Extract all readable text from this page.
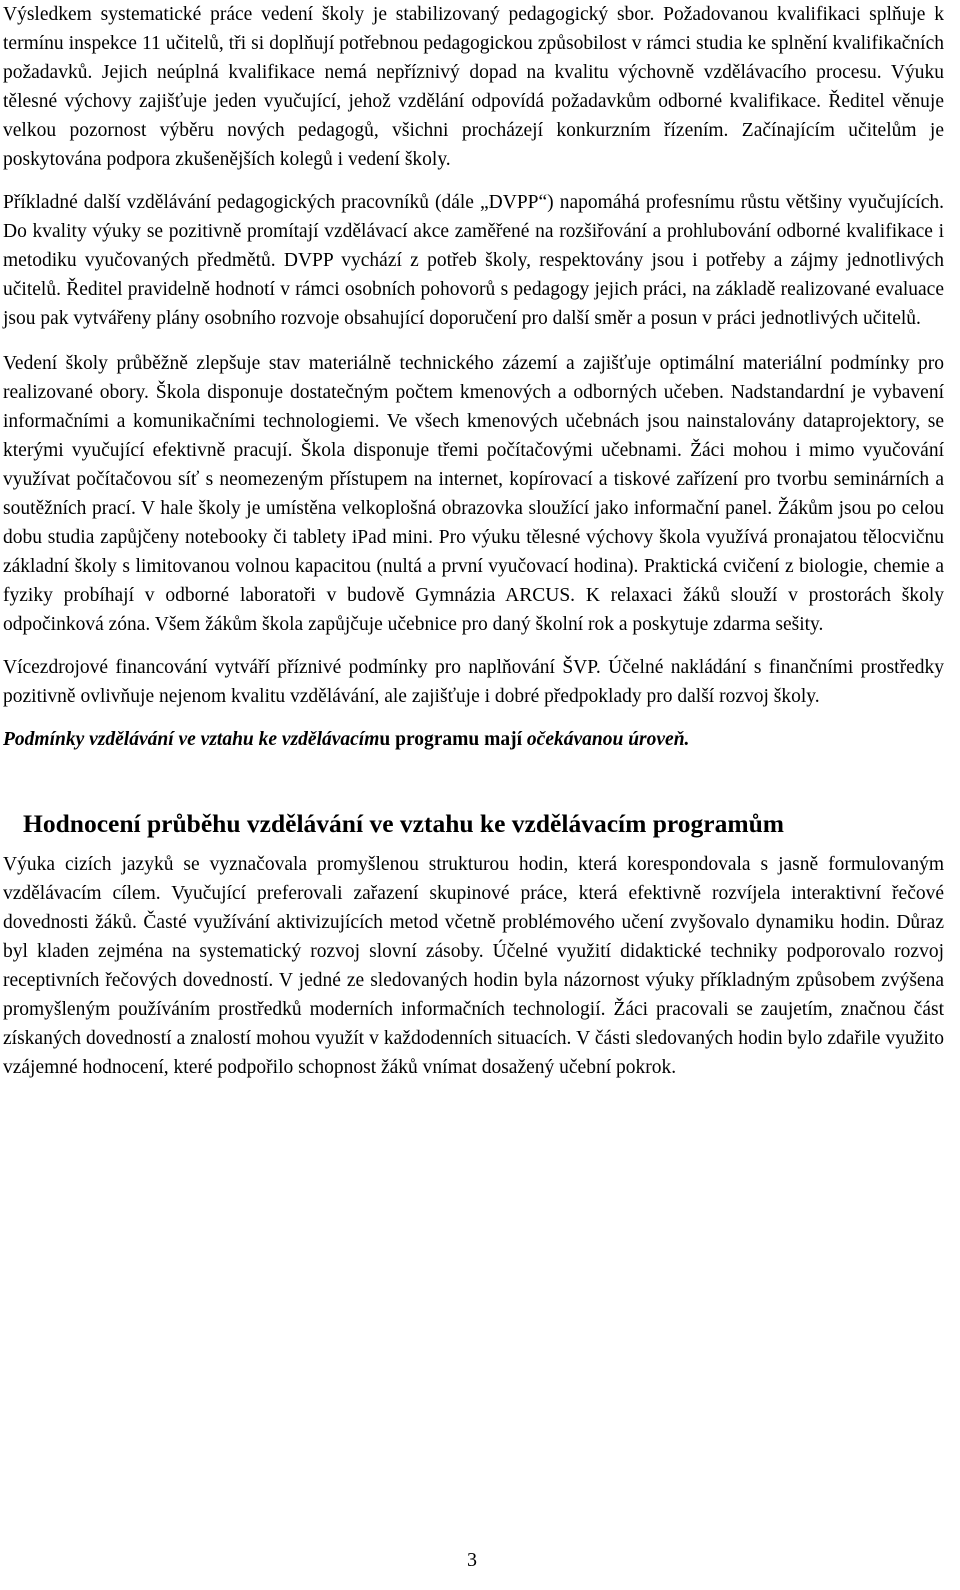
Výsledkem systematické práce vedení školy je stabilizovaný pedagogický sbor. Požadovanou kvalifikaci splňuje k termínu inspekce 11 učitelů, tři si doplňují potřebnou pedagogickou způsobilost v rámci studia ke splnění kvalifikačních požadavků. Jejich neúplná kvalifikace nemá nepříznivý dopad na kvalitu výchovně vzdělávacího procesu. Výuku tělesné výchovy zajišťuje jeden vyučující, jehož vzdělání odpovídá požadavkům odborné kvalifikace. Ředitel věnuje velkou pozornost výběru nových pedagogů, všichni procházejí konkurzním řízením. Začínajícím učitelům je poskytována podpora zkušenějších kolegů i vedení školy.

Příkladné další vzdělávání pedagogických pracovníků (dále „DVPP“) napomáhá profesnímu růstu většiny vyučujících. Do kvality výuky se pozitivně promítají vzdělávací akce zaměřené na rozšiřování a prohlubování odborné kvalifikace i metodiku vyučovaných předmětů. DVPP vychází z potřeb školy, respektovány jsou i potřeby a zájmy jednotlivých učitelů. Ředitel pravidelně hodnotí v rámci osobních pohovorů s pedagogy jejich práci, na základě realizované evaluace jsou pak vytvářeny plány osobního rozvoje obsahující doporučení pro další směr a posun v práci jednotlivých učitelů.

Vedení školy průběžně zlepšuje stav materiálně technického zázemí a zajišťuje optimální materiální podmínky pro realizované obory. Škola disponuje dostatečným počtem kmenových a odborných učeben. Nadstandardní je vybavení informačními a komunikačními technologiemi. Ve všech kmenových učebnách jsou nainstalovány dataprojektory, se kterými vyučující efektivně pracují. Škola disponuje třemi počítačovými učebnami. Žáci mohou i mimo vyučování využívat počítačovou síť s neomezeným přístupem na internet, kopírovací a tiskové zařízení pro tvorbu seminárních a soutěžních prací. V hale školy je umístěna velkoplošná obrazovka sloužící jako informační panel. Žákům jsou po celou dobu studia zapůjčeny notebooky či tablety iPad mini. Pro výuku tělesné výchovy škola využívá pronajatou tělocvičnu základní školy s limitovanou volnou kapacitou (nultá a první vyučovací hodina). Praktická cvičení z biologie, chemie a fyziky probíhají v odborné laboratoři v budově Gymnázia ARCUS. K relaxaci žáků slouží v prostorách školy odpočinková zóna. Všem žákům škola zapůjčuje učebnice pro daný školní rok a poskytuje zdarma sešity.

Vícezdrojové financování vytváří příznivé podmínky pro naplňování ŠVP. Účelné nakládání s finančními prostředky pozitivně ovlivňuje nejenom kvalitu vzdělávání, ale zajišťuje i dobré předpoklady pro další rozvoj školy.

Podmínky vzdělávání ve vztahu ke vzdělávacímu programu mají očekávanou úroveň.

Hodnocení průběhu vzdělávání ve vztahu ke vzdělávacím programům

Výuka cizích jazyků se vyznačovala promyšlenou strukturou hodin, která korespondovala s jasně formulovaným vzdělávacím cílem. Vyučující preferovali zařazení skupinové práce, která efektivně rozvíjela interaktivní řečové dovednosti žáků. Časté využívání aktivizujících metod včetně problémového učení zvyšovalo dynamiku hodin. Důraz byl kladen zejména na systematický rozvoj slovní zásoby. Účelné využití didaktické techniky podporovalo rozvoj receptivních řečových dovedností. V jedné ze sledovaných hodin byla názornost výuky příkladným způsobem zvýšena promyšleným používáním prostředků moderních informačních technologií. Žáci pracovali se zaujetím, značnou část získaných dovedností a znalostí mohou využít v každodenních situacích. V části sledovaných hodin bylo zdařile využito vzájemné hodnocení, které podpořilo schopnost žáků vnímat dosažený učební pokrok.

3
